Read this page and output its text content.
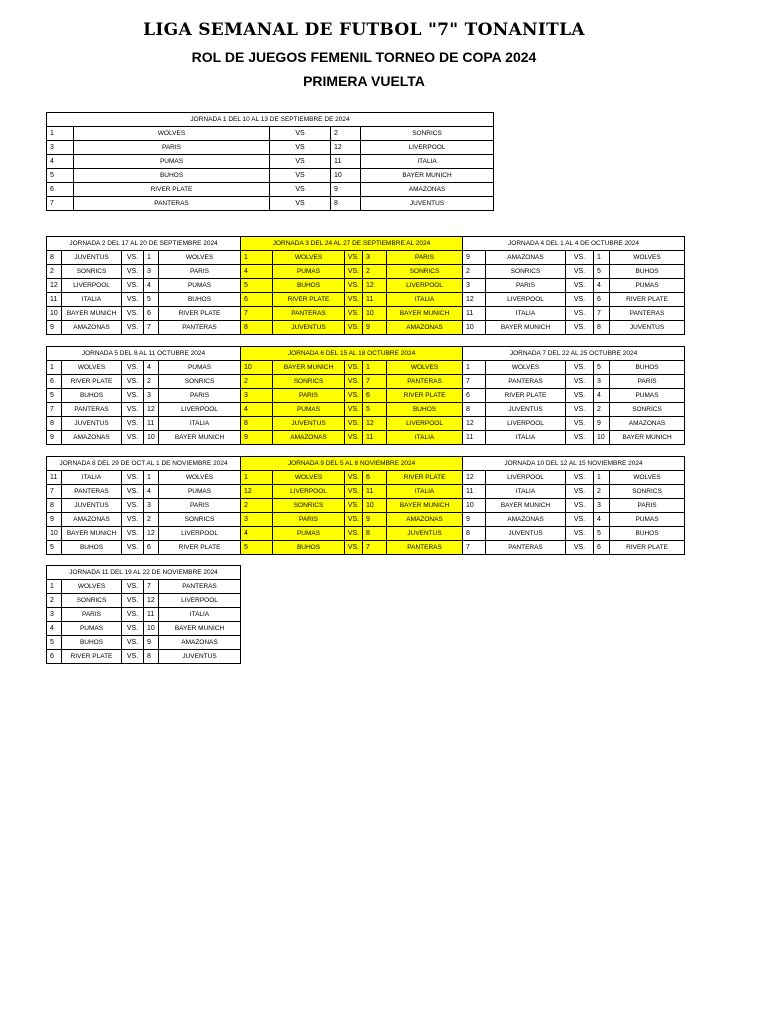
LIGA SEMANAL DE FUTBOL "7" TONANITLA
ROL DE JUEGOS FEMENIL TORNEO DE COPA 2024
PRIMERA VUELTA
JORNADA 1 DEL 10 AL 13 DE SEPTIEMBRE DE 2024				
1	WOLVES	VS	2	SONRICS
3	PARIS	VS	12	LIVERPOOL
4	PUMAS	VS	11	ITALIA
5	BUHOS	VS	10	BAYER MUNICH
6	RIVER PLATE	VS	9	AMAZONAS
7	PANTERAS	VS	8	JUVENTUS
JORNADA 2 DEL 17 AL 20 DE SEPTIEMBRE 2024				
8	JUVENTUS	VS.	1	WOLVES
2	SONRICS	VS.	3	PARIS
12	LIVERPOOL	VS.	4	PUMAS
11	ITALIA	VS.	5	BUHOS
10	BAYER MUNICH	VS.	6	RIVER PLATE
9	AMAZONAS	VS.	7	PANTERAS
JORNADA 3 DEL 24 AL 27 DE SEPTIEMBRE AL 2024				
1	WOLVES	VS.	3	PARIS
4	PUMAS	VS.	2	SONRICS
5	BUHOS	VS.	12	LIVERPOOL
6	RIVER PLATE	VS.	11	ITALIA
7	PANTERAS	VS.	10	BAYER MUNICH
8	JUVENTUS	VS.	9	AMAZONAS
JORNADA 4 DEL 1 AL 4 DE OCTUBRE 2024				
9	AMAZONAS	VS.	1	WOLVES
2	SONRICS	VS.	5	BUHOS
3	PARIS	VS.	4	PUMAS
12	LIVERPOOL	VS.	6	RIVER PLATE
11	ITALIA	VS.	7	PANTERAS
10	BAYER MUNICH	VS.	8	JUVENTUS
JORNADA 5 DEL 8 AL 11 OCTUBRE 2024				
1	WOLVES	VS.	4	PUMAS
6	RIVER PLATE	VS.	2	SONRICS
5	BUHOS	VS.	3	PARIS
7	PANTERAS	VS.	12	LIVERPOOL
8	JUVENTUS	VS.	11	ITALIA
9	AMAZONAS	VS.	10	BAYER MUNICH
JORNADA 6 DEL 15 AL 18 OCTUBRE 2024				
10	BAYER MUNICH	VS.	1	WOLVES
2	SONRICS	VS.	7	PANTERAS
3	PARIS	VS.	6	RIVER PLATE
4	PUMAS	VS.	5	BUHOS
8	JUVENTUS	VS.	12	LIVERPOOL
9	AMAZONAS	VS.	11	ITALIA
JORNADA 7 DEL 22 AL 25 OCTUBRE 2024				
1	WOLVES	VS.	5	BUHOS
7	PANTERAS	VS.	3	PARIS
6	RIVER PLATE	VS.	4	PUMAS
8	JUVENTUS	VS.	2	SONRICS
12	LIVERPOOL	VS.	9	AMAZONAS
11	ITALIA	VS.	10	BAYER MUNICH
JORNADA 8 DEL 29 DE OCT AL 1 DE NOVIEMBRE 2024				
11	ITALIA	VS.	1	WOLVES
7	PANTERAS	VS.	4	PUMAS
8	JUVENTUS	VS.	3	PARIS
9	AMAZONAS	VS.	2	SONRICS
10	BAYER MUNICH	VS.	12	LIVERPOOL
5	BUHOS	VS.	6	RIVER PLATE
JORNADA 9 DEL 5 AL 8 NOVIEMBRE 2024				
1	WOLVES	VS.	6	RIVER PLATE
12	LIVERPOOL	VS.	11	ITALIA
2	SONRICS	VS.	10	BAYER MUNICH
3	PARIS	VS.	9	AMAZONAS
4	PUMAS	VS.	8	JUVENTUS
5	BUHOS	VS.	7	PANTERAS
JORNADA 10 DEL 12 AL 15 NOVIEMBRE 2024				
12	LIVERPOOL	VS.	1	WOLVES
11	ITALIA	VS.	2	SONRICS
10	BAYER MUNICH	VS.	3	PARIS
9	AMAZONAS	VS.	4	PUMAS
8	JUVENTUS	VS.	5	BUHOS
7	PANTERAS	VS.	6	RIVER PLATE
JORNADA 11 DEL 19 AL 22 DE NOVIEMBRE 2024				
1	WOLVES	VS.	7	PANTERAS
2	SONRICS	VS.	12	LIVERPOOL
3	PARIS	VS.	11	ITALIA
4	PUMAS	VS.	10	BAYER MUNICH
5	BUHOS	VS.	9	AMAZONAS
6	RIVER PLATE	VS.	8	JUVENTUS
